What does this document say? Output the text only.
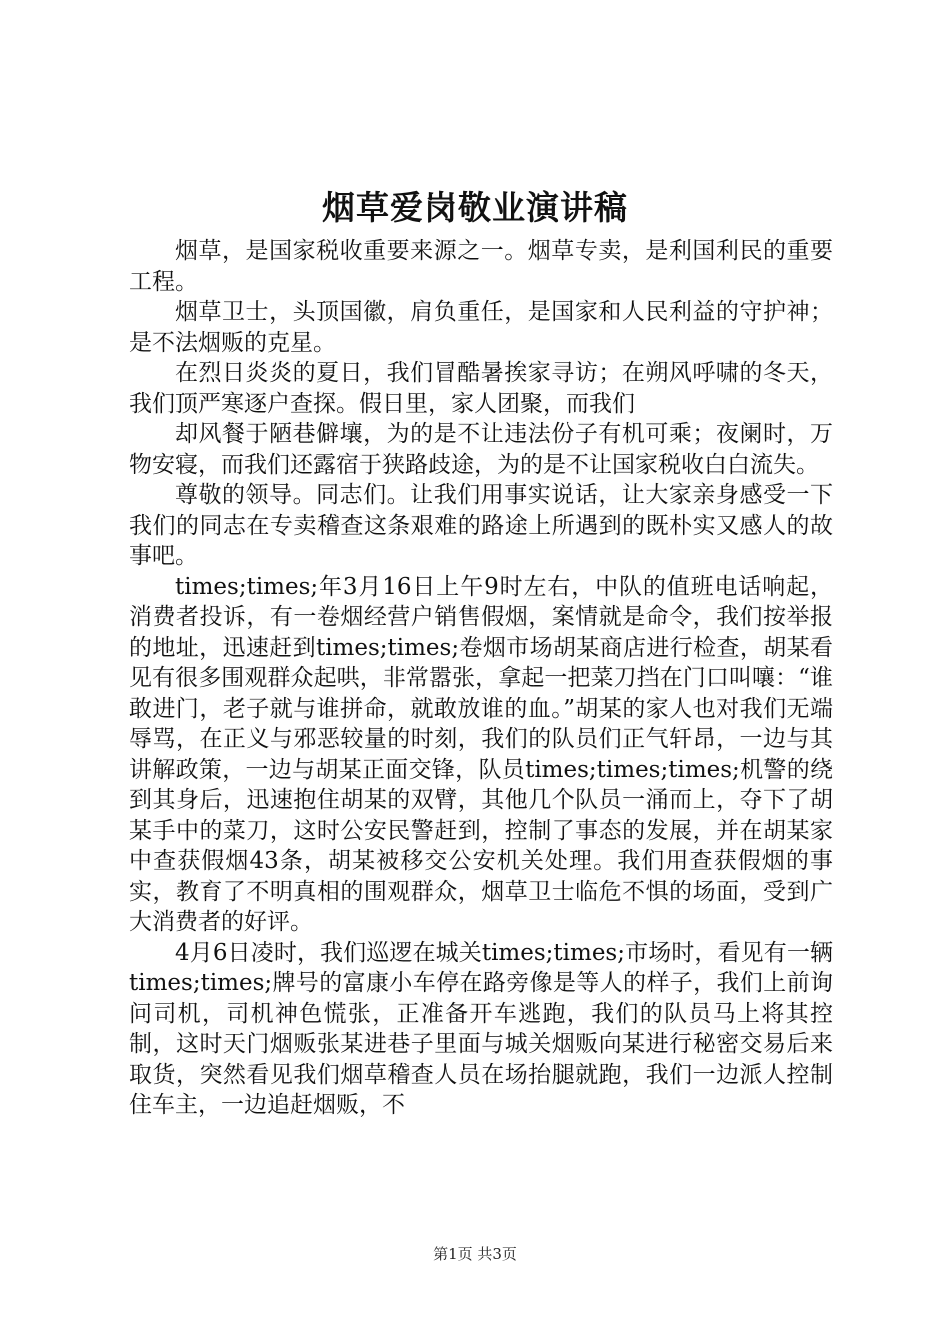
烟草爱岗敬业演讲稿

烟草，是国家税收重要来源之一。烟草专卖，是利国利民的重要工程。

烟草卫士，头顶国徽，肩负重任，是国家和人民利益的守护神；是不法烟贩的克星。

在烈日炎炎的夏日，我们冒酷暑挨家寻访；在朔风呼啸的冬天，我们顶严寒逐户查探。假日里，家人团聚，而我们

却风餐于陋巷僻壤，为的是不让违法份子有机可乘；夜阑时，万物安寝，而我们还露宿于狭路歧途，为的是不让国家税收白白流失。

尊敬的领导。同志们。让我们用事实说话，让大家亲身感受一下我们的同志在专卖稽查这条艰难的路途上所遇到的既朴实又感人的故事吧。

times;times;年3月16日上午9时左右，中队的值班电话响起，消费者投诉，有一卷烟经营户销售假烟，案情就是命令，我们按举报的地址，迅速赶到times;times;卷烟市场胡某商店进行检查，胡某看见有很多围观群众起哄，非常嚣张，拿起一把菜刀挡在门口叫嚷：“谁敢进门，老子就与谁拼命，就敢放谁的血。”胡某的家人也对我们无端辱骂，在正义与邪恶较量的时刻，我们的队员们正气轩昂，一边与其讲解政策，一边与胡某正面交锋，队员times;times;times;机警的绕到其身后，迅速抱住胡某的双臂，其他几个队员一涌而上，夺下了胡某手中的菜刀，这时公安民警赶到，控制了事态的发展，并在胡某家中查获假烟43条，胡某被移交公安机关处理。我们用查获假烟的事实，教育了不明真相的围观群众，烟草卫士临危不惧的场面，受到广大消费者的好评。

4月6日凌时，我们巡逻在城关times;times;市场时，看见有一辆times;times;牌号的富康小车停在路旁像是等人的样子，我们上前询问司机，司机神色慌张，正准备开车逃跑，我们的队员马上将其控制，这时天门烟贩张某进巷子里面与城关烟贩向某进行秘密交易后来取货，突然看见我们烟草稽查人员在场抬腿就跑，我们一边派人控制住车主，一边追赶烟贩，不

第1页 共3页
